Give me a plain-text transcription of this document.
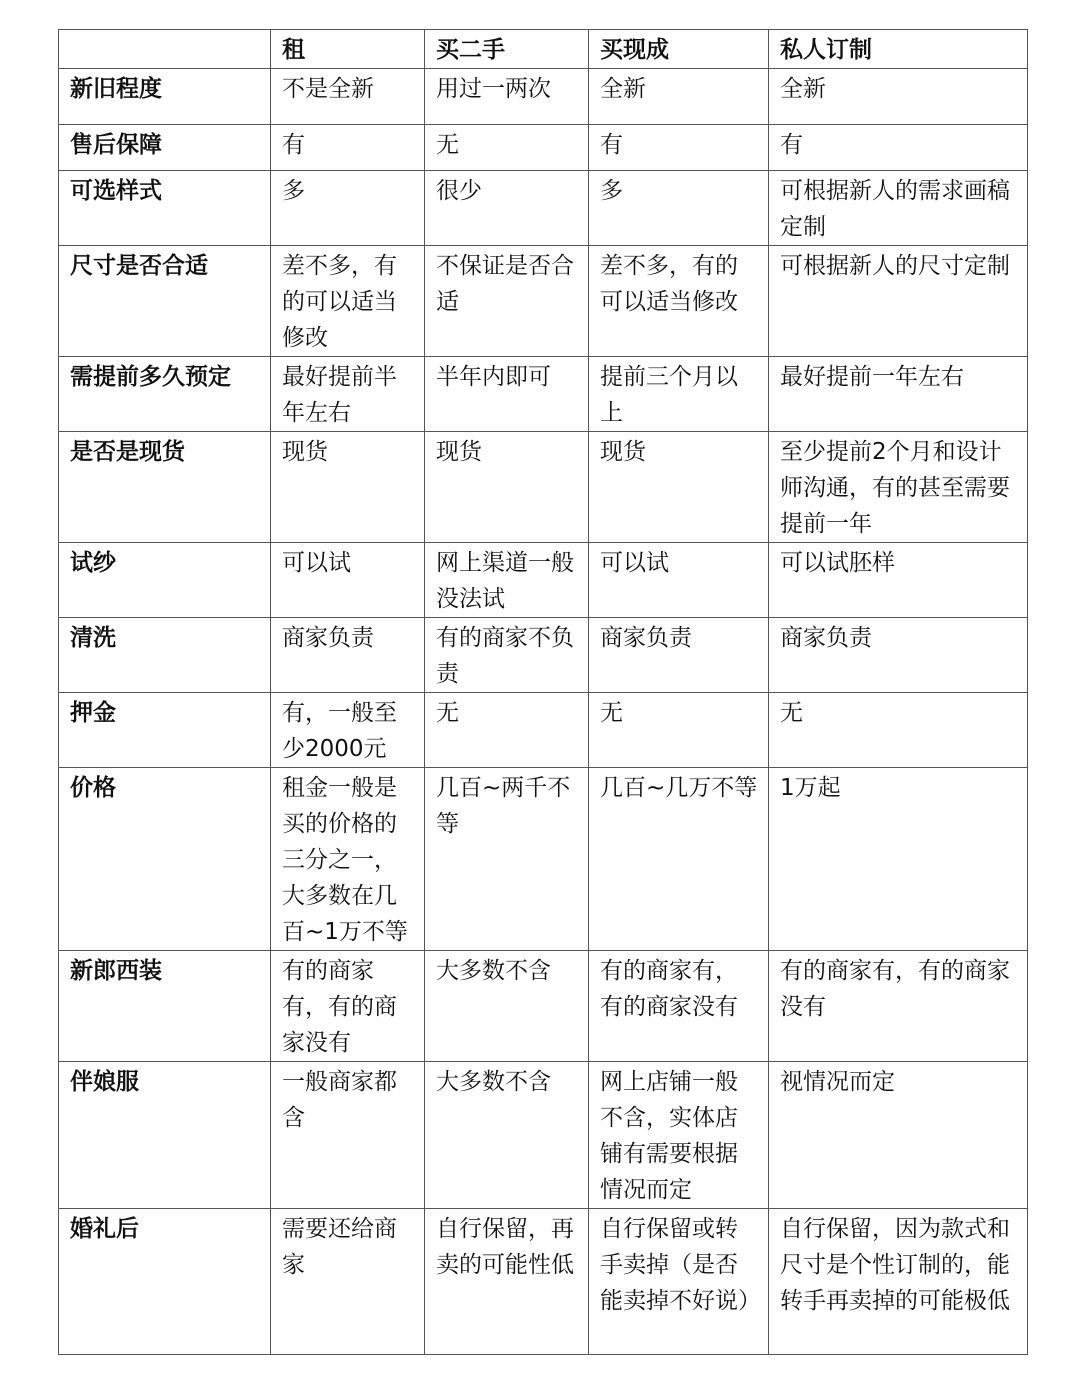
	租	买二手	买现成	私人订制
新旧程度	不是全新	用过一两次	全新	全新
售后保障	有	无	有	有
可选样式	多	很少	多	可根据新人的需求画稿定制
尺寸是否合适	差不多，有的可以适当修改	不保证是否合适	差不多，有的可以适当修改	可根据新人的尺寸定制
需提前多久预定	最好提前半年左右	半年内即可	提前三个月以上	最好提前一年左右
是否是现货	现货	现货	现货	至少提前2个月和设计师沟通，有的甚至需要提前一年
试纱	可以试	网上渠道一般没法试	可以试	可以试胚样
清洗	商家负责	有的商家不负责	商家负责	商家负责
押金	有，一般至少2000元	无	无	无
价格	租金一般是买的价格的三分之一，大多数在几百~1万不等	几百~两千不等	几百~几万不等	1万起
新郎西装	有的商家有，有的商家没有	大多数不含	有的商家有，有的商家没有	有的商家有，有的商家没有
伴娘服	一般商家都含	大多数不含	网上店铺一般不含，实体店铺有需要根据情况而定	视情况而定
婚礼后	需要还给商家	自行保留，再卖的可能性低	自行保留或转手卖掉（是否能卖掉不好说）	自行保留，因为款式和尺寸是个性订制的，能转手再卖掉的可能极低
